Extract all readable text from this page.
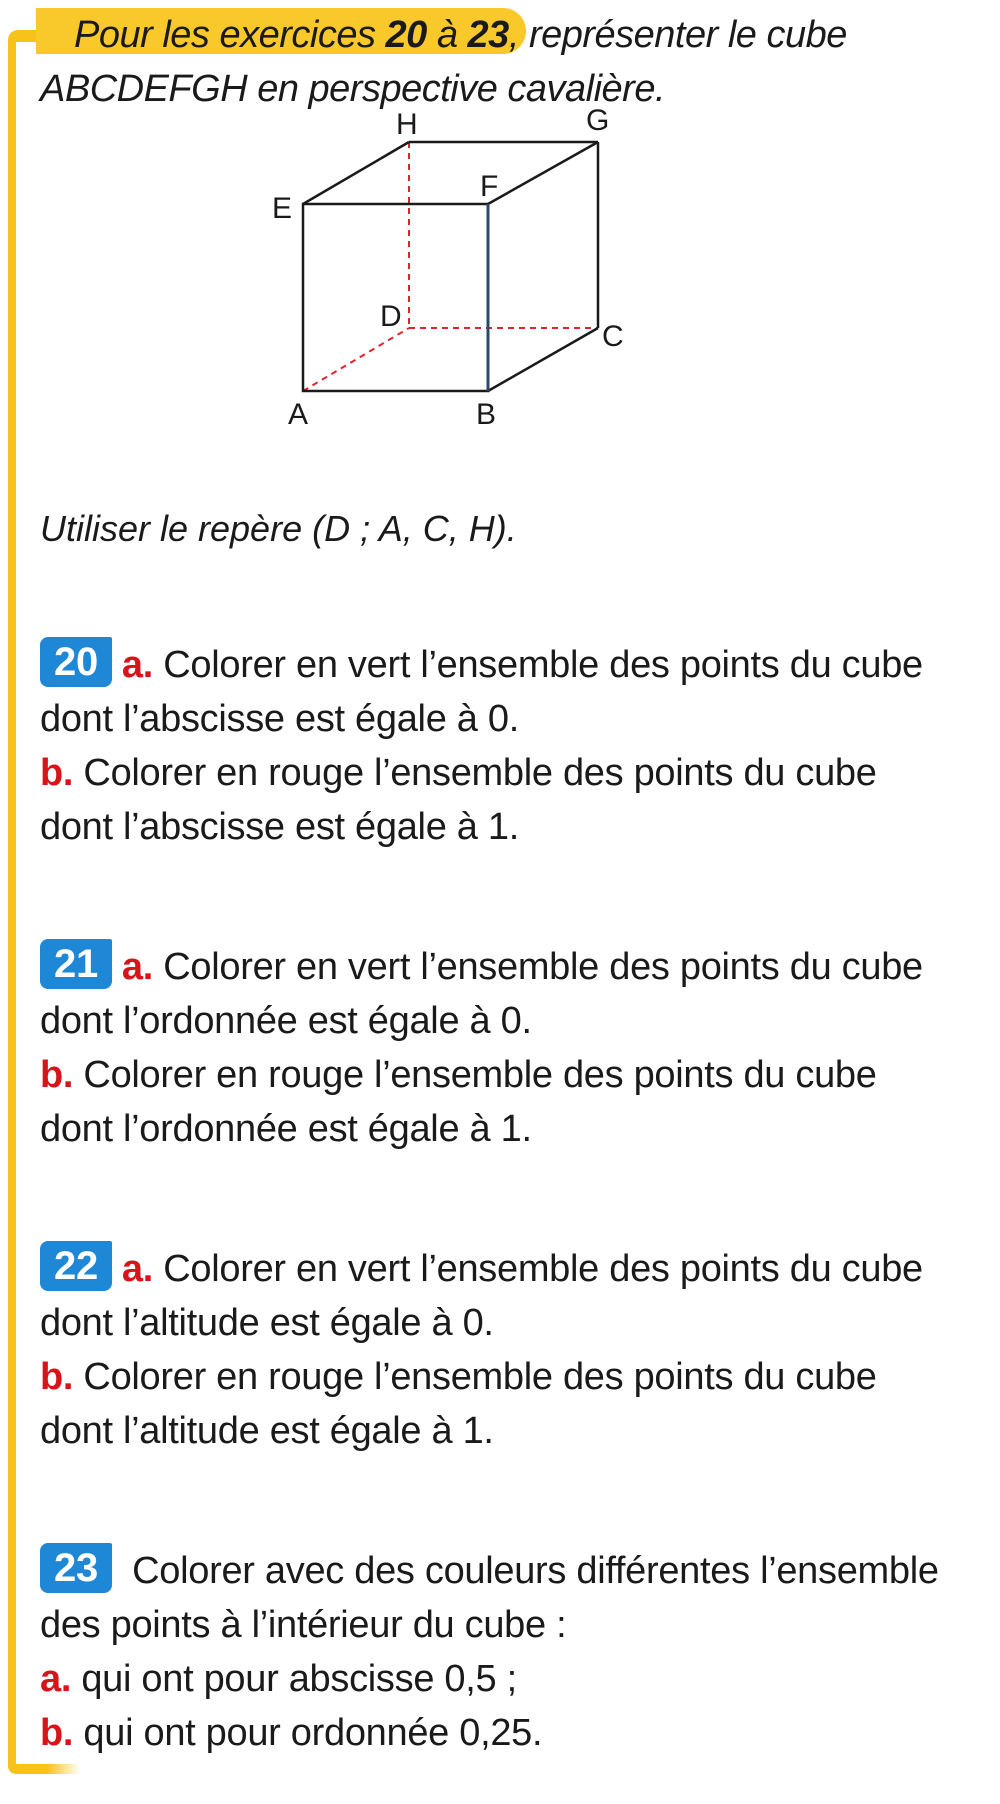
Pour les exercices 20 à 23, représenter le cube
ABCDEFGH en perspective cavalière.
H	G
E
F
D
C
A	B
Utiliser le repère (D ; A, C, H).
20 a. Colorer en vert l’ensemble des points du cube
dont l’abscisse est égale à 0.
b. Colorer en rouge l’ensemble des points du cube
dont l’abscisse est égale à 1.
21 a. Colorer en vert l’ensemble des points du cube
dont l’ordonnée est égale à 0.
b. Colorer en rouge l’ensemble des points du cube
dont l’ordonnée est égale à 1.
22 a. Colorer en vert l’ensemble des points du cube
dont l’altitude est égale à 0.
b. Colorer en rouge l’ensemble des points du cube
dont l’altitude est égale à 1.
23 Colorer avec des couleurs différentes l’ensemble
des points à l’intérieur du cube :
a. qui ont pour abscisse 0,5 ;
b. qui ont pour ordonnée 0,25.
